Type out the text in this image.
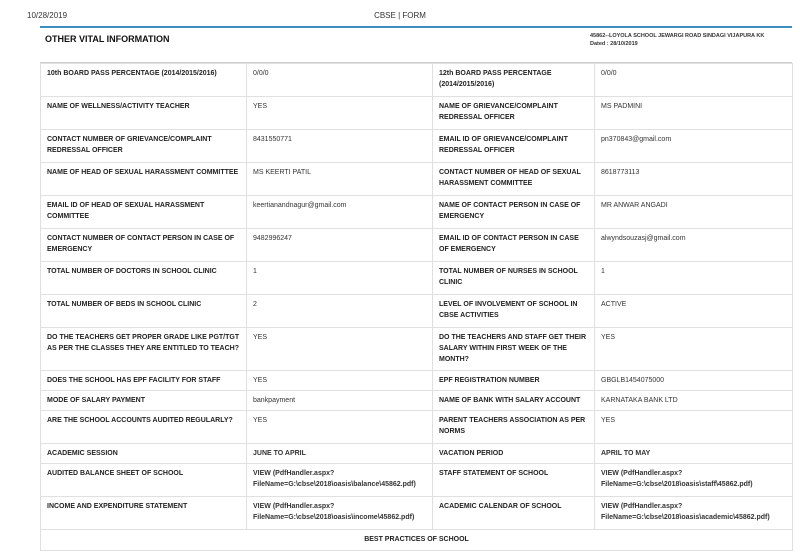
10/28/2019	CBSE | FORM
OTHER VITAL INFORMATION	45862--LOYOLA SCHOOL JEWARGI ROAD SINDAGI VIJAPURA KK
Dated : 28/10/2019
10th BOARD PASS PERCENTAGE (2014/2015/2016)	0/0/0	12th BOARD PASS PERCENTAGE (2014/2015/2016)	0/0/0
NAME OF WELLNESS/ACTIVITY TEACHER	YES	NAME OF GRIEVANCE/COMPLAINT REDRESSAL OFFICER	MS PADMINI
CONTACT NUMBER OF GRIEVANCE/COMPLAINT REDRESSAL OFFICER	8431550771	EMAIL ID OF GRIEVANCE/COMPLAINT REDRESSAL OFFICER	pn370843@gmail.com
NAME OF HEAD OF SEXUAL HARASSMENT COMMITTEE	MS KEERTI PATIL	CONTACT NUMBER OF HEAD OF SEXUAL HARASSMENT COMMITTEE	8618773113
EMAIL ID OF HEAD OF SEXUAL HARASSMENT COMMITTEE	keertianandnagur@gmail.com	NAME OF CONTACT PERSON IN CASE OF EMERGENCY	MR ANWAR ANGADI
CONTACT NUMBER OF CONTACT PERSON IN CASE OF EMERGENCY	9482996247	EMAIL ID OF CONTACT PERSON IN CASE OF EMERGENCY	alwyndsouzasj@gmail.com
TOTAL NUMBER OF DOCTORS IN SCHOOL CLINIC	1	TOTAL NUMBER OF NURSES IN SCHOOL CLINIC	1
TOTAL NUMBER OF BEDS IN SCHOOL CLINIC	2	LEVEL OF INVOLVEMENT OF SCHOOL IN CBSE ACTIVITIES	ACTIVE
DO THE TEACHERS GET PROPER GRADE LIKE PGT/TGT AS PER THE CLASSES THEY ARE ENTITLED TO TEACH?	YES	DO THE TEACHERS AND STAFF GET THEIR SALARY WITHIN FIRST WEEK OF THE MONTH?	YES
DOES THE SCHOOL HAS EPF FACILITY FOR STAFF	YES	EPF REGISTRATION NUMBER	GBGLB1454075000
MODE OF SALARY PAYMENT	bankpayment	NAME OF BANK WITH SALARY ACCOUNT	KARNATAKA BANK LTD
ARE THE SCHOOL ACCOUNTS AUDITED REGULARLY?	YES	PARENT TEACHERS ASSOCIATION AS PER NORMS	YES
ACADEMIC SESSION	JUNE TO APRIL	VACATION PERIOD	APRIL TO MAY
AUDITED BALANCE SHEET OF SCHOOL	VIEW (PdfHandler.aspx?FileName=G:\cbse\2018\oasis\balance\45862.pdf)	STAFF STATEMENT OF SCHOOL	VIEW (PdfHandler.aspx?FileName=G:\cbse\2018\oasis\staff\45862.pdf)
INCOME AND EXPENDITURE STATEMENT	VIEW (PdfHandler.aspx?FileName=G:\cbse\2018\oasis\income\45862.pdf)	ACADEMIC CALENDAR OF SCHOOL	VIEW (PdfHandler.aspx?FileName=G:\cbse\2018\oasis\academic\45862.pdf)
BEST PRACTICES OF SCHOOL			
